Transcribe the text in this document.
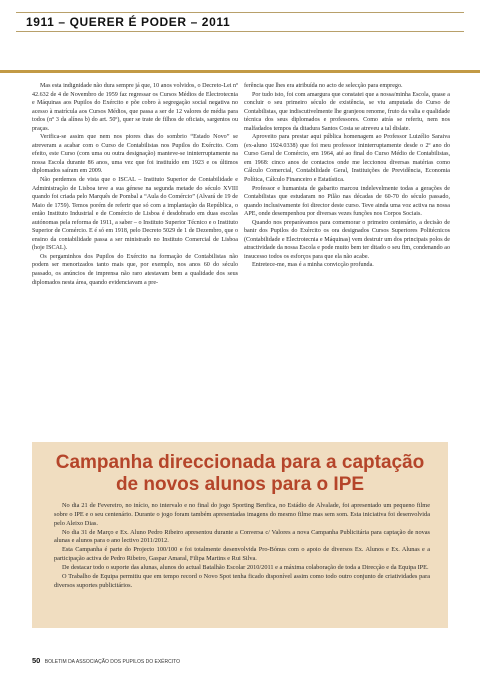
1911 – QUERER É PODER – 2011

Mas esta indignidade não dura sempre já que, 10 anos volvidos, o Decreto-Lei nº 42.632 de 4 de Novembro de 1959 faz regressar os Cursos Médios de Electrotecnia e Máquinas aos Pupilos do Exército e põe cobro à segregação social negativa no acesso à matrícula aos Cursos Médios, que passa a ser de 12 valores de média para todos (nº 3 da alínea b) do art. 50º), quer se trate de filhos de oficiais, sargentos ou praças.

Verifica-se assim que nem nos piores dias do sombrio “Estado Novo” se atreveram a acabar com o Curso de Contabilistas nos Pupilos do Exército. Com efeito, este Curso (com uma ou outra designação) manteve-se ininterruptamente na nossa Escola durante 86 anos, uma vez que foi instituído em 1923 e os últimos diplomados saíram em 2009.

Não perdemos de vista que o ISCAL – Instituto Superior de Contabilidade e Administração de Lisboa teve a sua génese na segunda metade do século XVIII quando foi criada pelo Marquês de Pombal a “Aula do Comércio” (Alvará de 19 de Maio de 1759). Temos porém de referir que só com a implantação da República, o então Instituto Industrial e de Comércio de Lisboa é desdobrado em duas escolas autónomas pela reforma de 1911, a saber – o Instituto Superior Técnico e o Instituto Superior de Comércio. E é só em 1918, pelo Decreto 5029 de 1 de Dezembro, que o ensino da contabilidade passa a ser ministrado no Instituto Comercial de Lisboa (hoje ISCAL).

Os pergaminhos dos Pupilos do Exército na formação de Contabilistas não podem ser menorizados tanto mais que, por exemplo, nos anos 60 do século passado, os anúncios de imprensa não raro atestavam bem a qualidade dos seus diplomados nesta área, quando evidenciavam a pre-

ferência que lhes era atribuída no acto de selecção para emprego.

Por tudo isto, foi com amargura que constatei que a nossa/minha Escola, quase a concluir o seu primeiro século de existência, se viu amputada do Curso de Contabilistas, que indiscutivelmente lhe granjeou renome, fruto da valia e qualidade técnica dos seus diplomados e professores. Como atrás se referiu, nem nos malfadados tempos da ditadura Santos Costa se atreveu a tal dislate.

Aproveito para prestar aqui pública homenagem ao Professor Luizélio Saraiva (ex-aluno 1924.0338) que foi meu professor ininterruptamente desde o 2º ano do Curso Geral de Comércio, em 1964, até ao final do Curso Médio de Contabilistas, em 1968: cinco anos de contactos onde me leccionou diversas matérias como Cálculo Comercial, Contabilidade Geral, Instituições de Previdência, Economia Política, Cálculo Financeiro e Estatística.

Professor e humanista de gabarito marcou indelevelmente todas a gerações de Contabilistas que estudaram no Pilão nas décadas de 60-70 do século passado, quando inclusivamente foi director deste curso. Teve ainda uma voz activa na nossa APE, onde desempenhou por diversas vezes funções nos Corpos Sociais.

Quando nos preparávamos para comemorar o primeiro centenário, a decisão de banir dos Pupilos do Exército os ora designados Cursos Superiores Politécnicos (Contabilidade e Electrotecnia e Máquinas) vem destruir um dos principais polos de atractividade da nossa Escola e pode muito bem ter ditado o seu fim, condenando ao insucesso todos os esforços para que ela não acabe.

Entretece-me, mas é a minha convicção profunda.

Campanha direccionada para a captação
de novos alunos para o IPE

No dia 21 de Fevereiro, no início, no intervalo e no final do jogo Sporting Benfica, no Estádio de Alvalade, foi apresentado um pequeno filme sobre o IPE e o seu centenário. Durante o jogo foram também apresentadas imagens do mesmo filme mas sem som. Esta iniciativa foi desenvolvida pelo Aleixo Dias.

No dia 31 de Março e Ex. Aluno Pedro Ribeiro apresentou durante a Conversa c/ Valores a nova Campanha Publicitária para captação de novas alunas e alunos para o ano lectivo 2011/2012.

Esta Campanha é parte do Projecto 100/100 e foi totalmente desenvolvida Pro-Bónus com o apoio de diversos Ex. Alunos e Ex. Alunas e a participação activa de Pedro Ribeiro, Gaspar Amaral, Filipa Martins e Rui Silva.

De destacar todo o suporte das alunas, alunos do actual Batalhão Escolar 2010/2011 e a máxima colaboração de toda a Direcção e da Equipa IPE.

O Trabalho de Equipa permitiu que em tempo record o Novo Spot tenha ficado disponível assim como todo outro conjunto de criatividades para diversos suportes publicitários.

50 BOLETIM DA ASSOCIAÇÃO DOS PUPILOS DO EXÉRCITO
